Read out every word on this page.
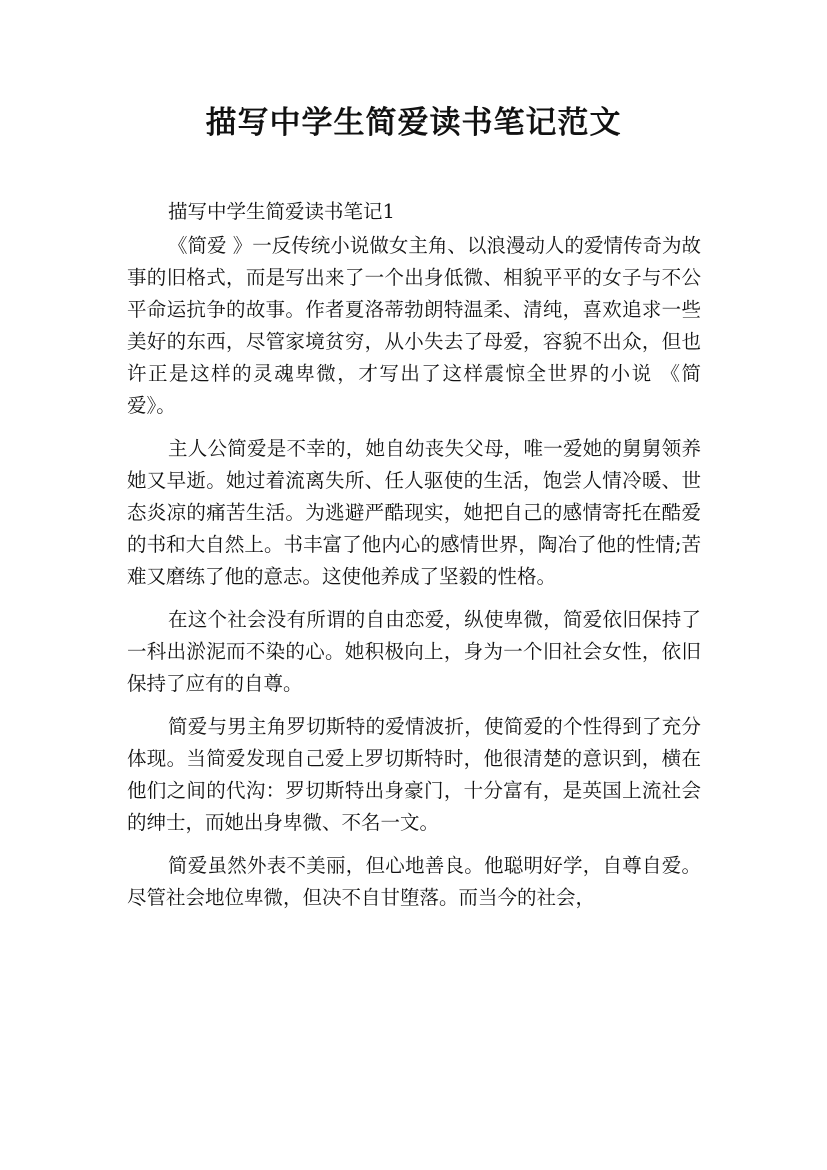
描写中学生简爱读书笔记范文

描写中学生简爱读书笔记1

《简爱 》一反传统小说做女主角、以浪漫动人的爱情传奇为故事的旧格式，而是写出来了一个出身低微、相貌平平的女子与不公平命运抗争的故事。作者夏洛蒂勃朗特温柔、清纯，喜欢追求一些美好的东西，尽管家境贫穷，从小失去了母爱，容貌不出众，但也许正是这样的灵魂卑微，才写出了这样震惊全世界的小说 《简爱》。

主人公简爱是不幸的，她自幼丧失父母，唯一爱她的舅舅领养她又早逝。她过着流离失所、任人驱使的生活，饱尝人情冷暖、世态炎凉的痛苦生活。为逃避严酷现实，她把自己的感情寄托在酷爱的书和大自然上。书丰富了他内心的感情世界，陶冶了他的性情;苦难又磨练了他的意志。这使他养成了坚毅的性格。

在这个社会没有所谓的自由恋爱，纵使卑微，简爱依旧保持了一科出淤泥而不染的心。她积极向上，身为一个旧社会女性，依旧保持了应有的自尊。

简爱与男主角罗切斯特的爱情波折，使简爱的个性得到了充分体现。当简爱发现自己爱上罗切斯特时，他很清楚的意识到，横在他们之间的代沟：罗切斯特出身豪门，十分富有，是英国上流社会的绅士，而她出身卑微、不名一文。

简爱虽然外表不美丽，但心地善良。他聪明好学，自尊自爱。尽管社会地位卑微，但决不自甘堕落。而当今的社会，
